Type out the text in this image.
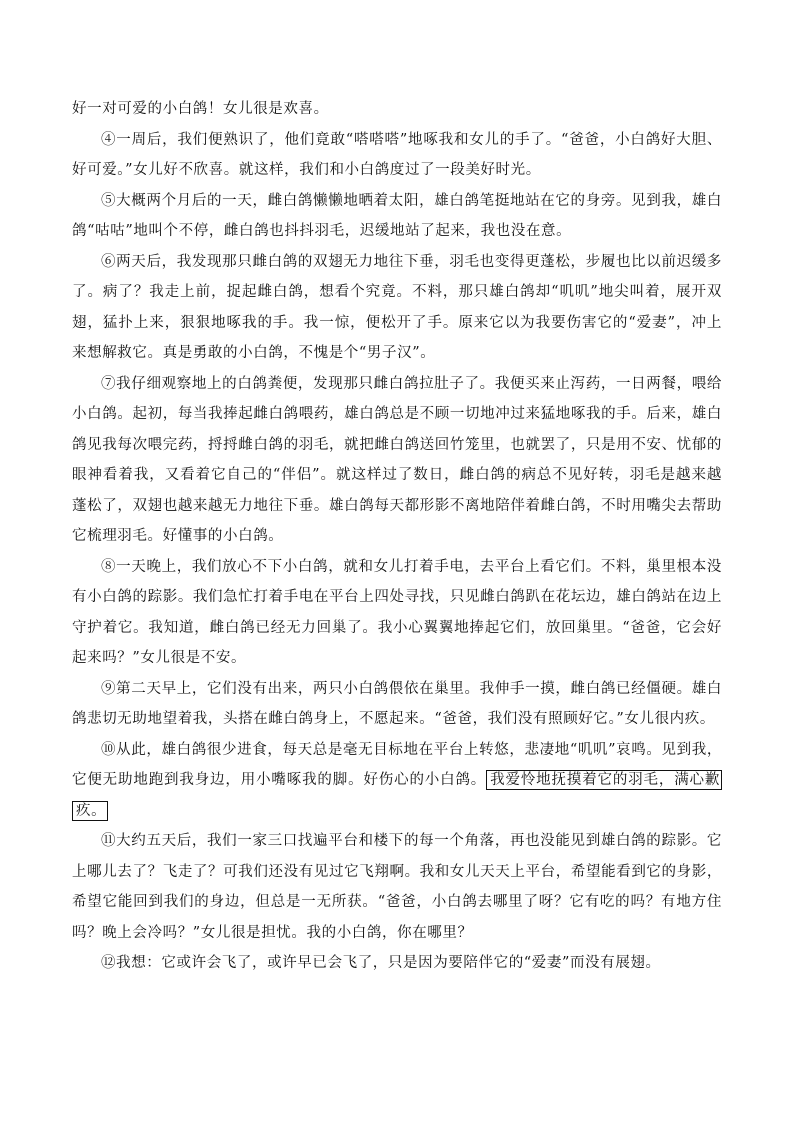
好一对可爱的小白鸽！女儿很是欢喜。

④一周后，我们便熟识了，他们竟敢“嗒嗒嗒”地啄我和女儿的手了。“爸爸，小白鸽好大胆、好可爱。”女儿好不欣喜。就这样，我们和小白鸽度过了一段美好时光。

⑤大概两个月后的一天，雌白鸽懒懒地晒着太阳，雄白鸽笔挺地站在它的身旁。见到我，雄白鸽“咕咕”地叫个不停，雌白鸽也抖抖羽毛，迟缓地站了起来，我也没在意。

⑥两天后，我发现那只雌白鸽的双翅无力地往下垂，羽毛也变得更蓬松，步履也比以前迟缓多了。病了？我走上前，捉起雌白鸽，想看个究竟。不料，那只雄白鸽却“叽叽”地尖叫着，展开双翅，猛扑上来，狠狠地啄我的手。我一惊，便松开了手。原来它以为我要伤害它的“爱妻”，冲上来想解救它。真是勇敢的小白鸽，不愧是个“男子汉”。

⑦我仔细观察地上的白鸽粪便，发现那只雌白鸽拉肚子了。我便买来止泻药，一日两餐，喂给小白鸽。起初，每当我捧起雌白鸽喂药，雄白鸽总是不顾一切地冲过来猛地啄我的手。后来，雄白鸽见我每次喂完药，捋捋雌白鸽的羽毛，就把雌白鸽送回竹笼里，也就罢了，只是用不安、忧郁的眼神看着我，又看着它自己的“伴侣”。就这样过了数日，雌白鸽的病总不见好转，羽毛是越来越蓬松了，双翅也越来越无力地往下垂。雄白鸽每天都形影不离地陪伴着雌白鸽，不时用嘴尖去帮助它梳理羽毛。好懂事的小白鸽。

⑧一天晚上，我们放心不下小白鸽，就和女儿打着手电，去平台上看它们。不料，巢里根本没有小白鸽的踪影。我们急忙打着手电在平台上四处寻找，只见雌白鸽趴在花坛边，雄白鸽站在边上守护着它。我知道，雌白鸽已经无力回巢了。我小心翼翼地捧起它们，放回巢里。“爸爸，它会好起来吗？”女儿很是不安。

⑨第二天早上，它们没有出来，两只小白鸽偎依在巢里。我伸手一摸，雌白鸽已经僵硬。雄白鸽悲切无助地望着我，头搭在雌白鸽身上，不愿起来。“爸爸，我们没有照顾好它。”女儿很内疚。

⑩从此，雄白鸽很少进食，每天总是毫无目标地在平台上转悠，悲凄地“叽叽”哀鸣。见到我，它便无助地跑到我身边，用小嘴啄我的脚。好伤心的小白鸽。 我爱怜地抚摸着它的羽毛，满心歉疚。

⑪大约五天后，我们一家三口找遍平台和楼下的每一个角落，再也没能见到雄白鸽的踪影。它上哪儿去了？飞走了？可我们还没有见过它飞翔啊。我和女儿天天上平台，希望能看到它的身影，希望它能回到我们的身边，但总是一无所获。“爸爸，小白鸽去哪里了呀？它有吃的吗？有地方住吗？晚上会冷吗？”女儿很是担忧。我的小白鸽，你在哪里？

⑫我想：它或许会飞了，或许早已会飞了，只是因为要陪伴它的“爱妻”而没有展翅。
